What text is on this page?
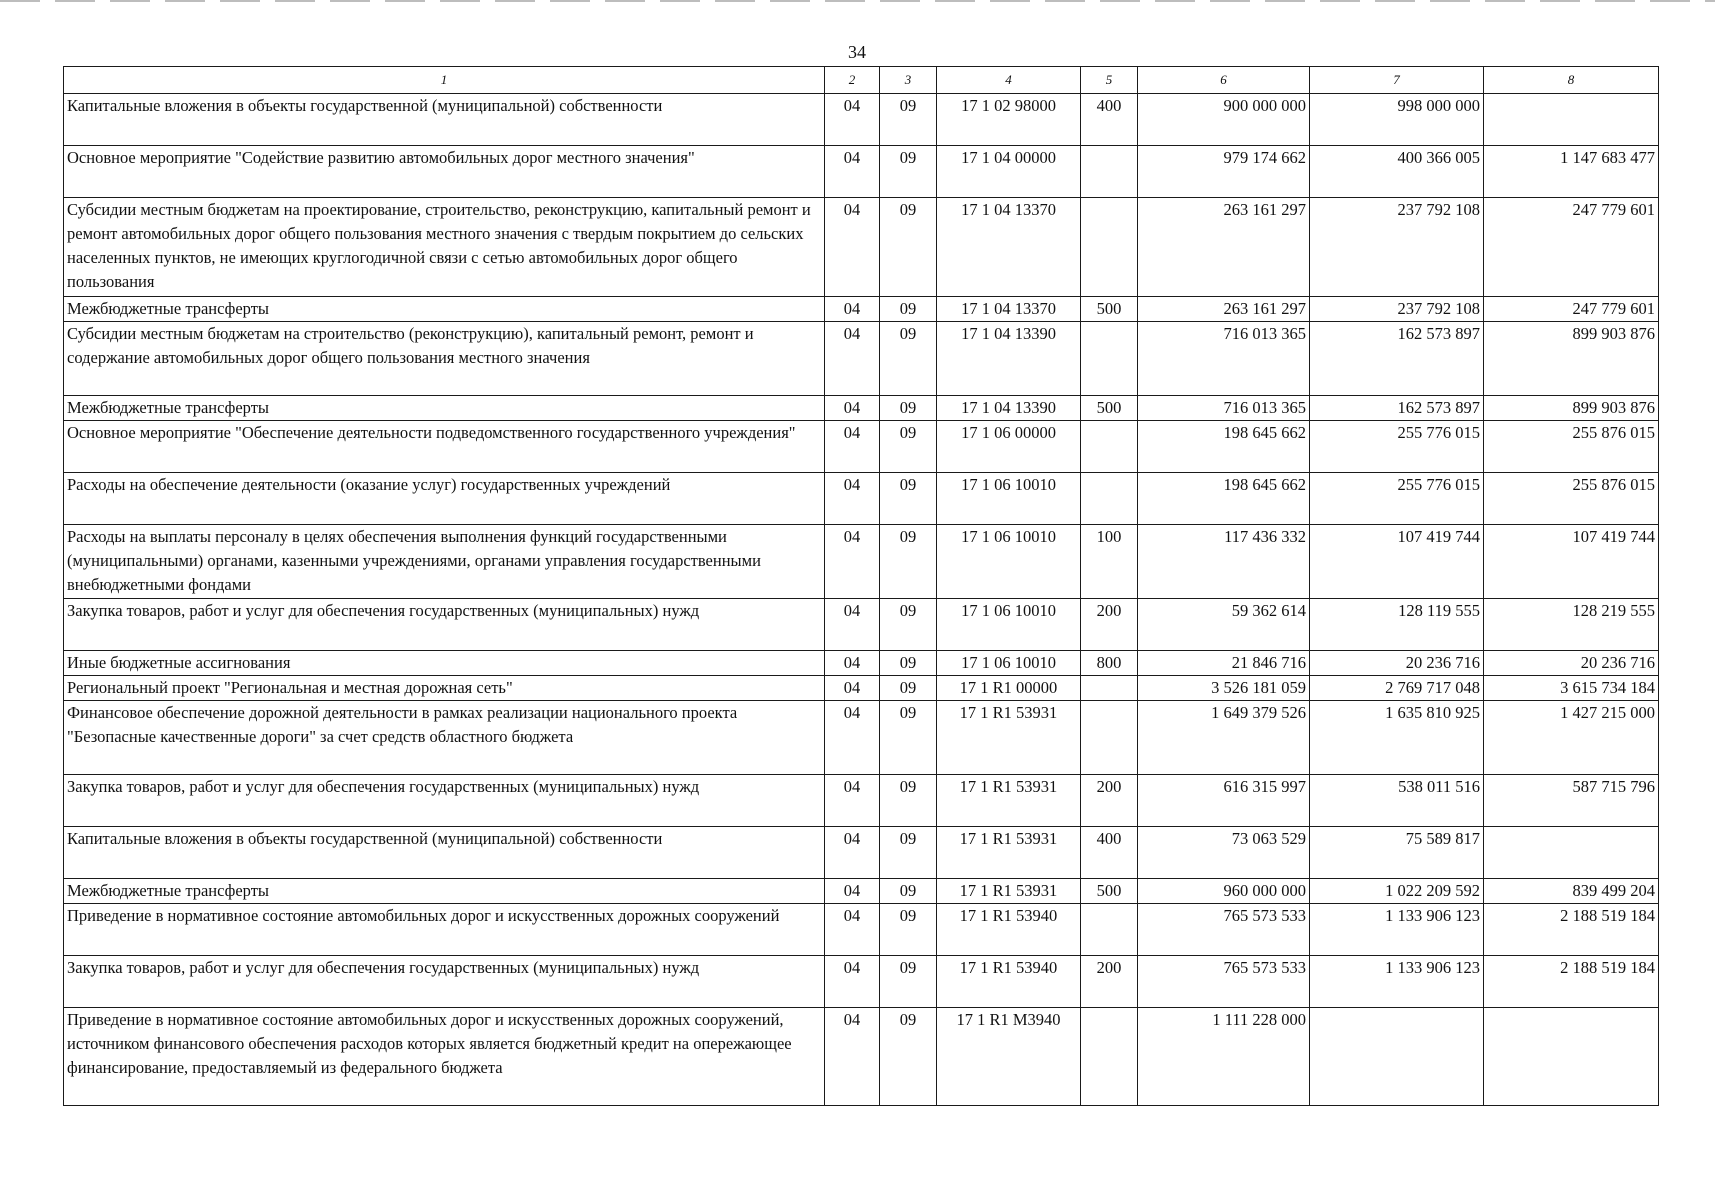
34
1	2	3	4	5	6	7	8
Капитальные вложения в объекты государственной (муниципальной) собственности	04	09	17 1 02 98000	400	900 000 000	998 000 000	
Основное мероприятие "Содействие развитию автомобильных дорог местного значения"	04	09	17 1 04 00000		979 174 662	400 366 005	1 147 683 477
Субсидии местным бюджетам на проектирование, строительство, реконструкцию, капитальный ремонт и ремонт автомобильных дорог общего пользования местного значения с твердым покрытием до сельских населенных пунктов, не имеющих круглогодичной связи с сетью автомобильных дорог общего пользования	04	09	17 1 04 13370		263 161 297	237 792 108	247 779 601
Межбюджетные трансферты	04	09	17 1 04 13370	500	263 161 297	237 792 108	247 779 601
Субсидии местным бюджетам на строительство (реконструкцию), капитальный ремонт, ремонт и содержание автомобильных дорог общего пользования местного значения	04	09	17 1 04 13390		716 013 365	162 573 897	899 903 876
Межбюджетные трансферты	04	09	17 1 04 13390	500	716 013 365	162 573 897	899 903 876
Основное мероприятие "Обеспечение деятельности подведомственного государственного учреждения"	04	09	17 1 06 00000		198 645 662	255 776 015	255 876 015
Расходы на обеспечение деятельности (оказание услуг) государственных учреждений	04	09	17 1 06 10010		198 645 662	255 776 015	255 876 015
Расходы на выплаты персоналу в целях обеспечения выполнения функций государственными (муниципальными) органами, казенными учреждениями, органами управления государственными внебюджетными фондами	04	09	17 1 06 10010	100	117 436 332	107 419 744	107 419 744
Закупка товаров, работ и услуг для обеспечения государственных (муниципальных) нужд	04	09	17 1 06 10010	200	59 362 614	128 119 555	128 219 555
Иные бюджетные ассигнования	04	09	17 1 06 10010	800	21 846 716	20 236 716	20 236 716
Региональный проект "Региональная и местная дорожная сеть"	04	09	17 1 R1 00000		3 526 181 059	2 769 717 048	3 615 734 184
Финансовое обеспечение дорожной деятельности в рамках реализации национального проекта "Безопасные качественные дороги" за счет средств областного бюджета	04	09	17 1 R1 53931		1 649 379 526	1 635 810 925	1 427 215 000
Закупка товаров, работ и услуг для обеспечения государственных (муниципальных) нужд	04	09	17 1 R1 53931	200	616 315 997	538 011 516	587 715 796
Капитальные вложения в объекты государственной (муниципальной) собственности	04	09	17 1 R1 53931	400	73 063 529	75 589 817	
Межбюджетные трансферты	04	09	17 1 R1 53931	500	960 000 000	1 022 209 592	839 499 204
Приведение в нормативное состояние автомобильных дорог и искусственных дорожных сооружений	04	09	17 1 R1 53940		765 573 533	1 133 906 123	2 188 519 184
Закупка товаров, работ и услуг для обеспечения государственных (муниципальных) нужд	04	09	17 1 R1 53940	200	765 573 533	1 133 906 123	2 188 519 184
Приведение в нормативное состояние автомобильных дорог и искусственных дорожных сооружений, источником финансового обеспечения расходов которых является бюджетный кредит на опережающее финансирование, предоставляемый из федерального бюджета	04	09	17 1 R1 M3940		1 111 228 000		
